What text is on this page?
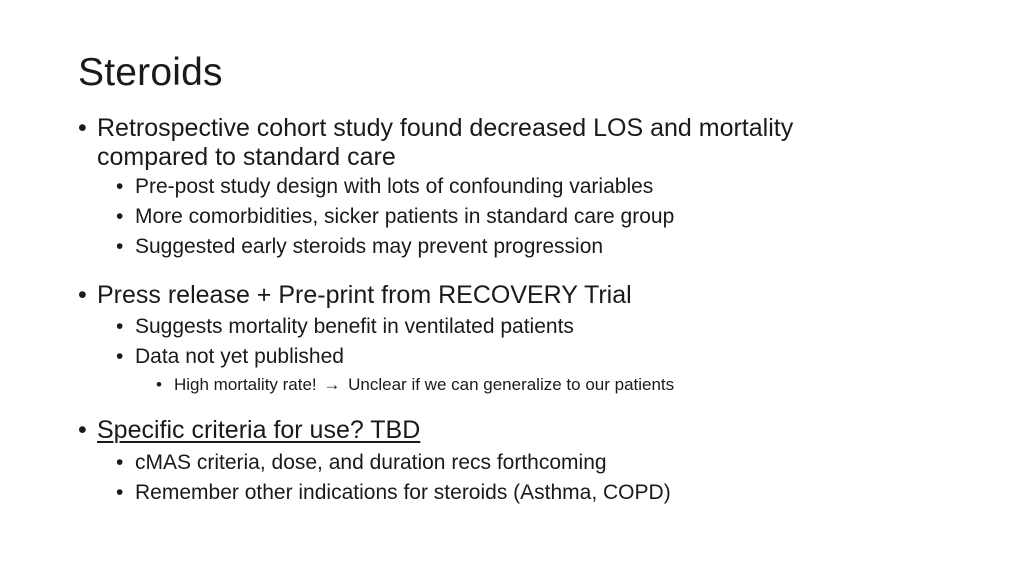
Steroids
• Retrospective cohort study found decreased LOS and mortality
compared to standard care
• Pre-post study design with lots of confounding variables
• More comorbidities, sicker patients in standard care group
• Suggested early steroids may prevent progression
• Press release + Pre-print from RECOVERY Trial
• Suggests mortality benefit in ventilated patients
• Data not yet published
• High mortality rate! → Unclear if we can generalize to our patients
• Specific criteria for use? TBD
• cMAS criteria, dose, and duration recs forthcoming
• Remember other indications for steroids (Asthma, COPD)
